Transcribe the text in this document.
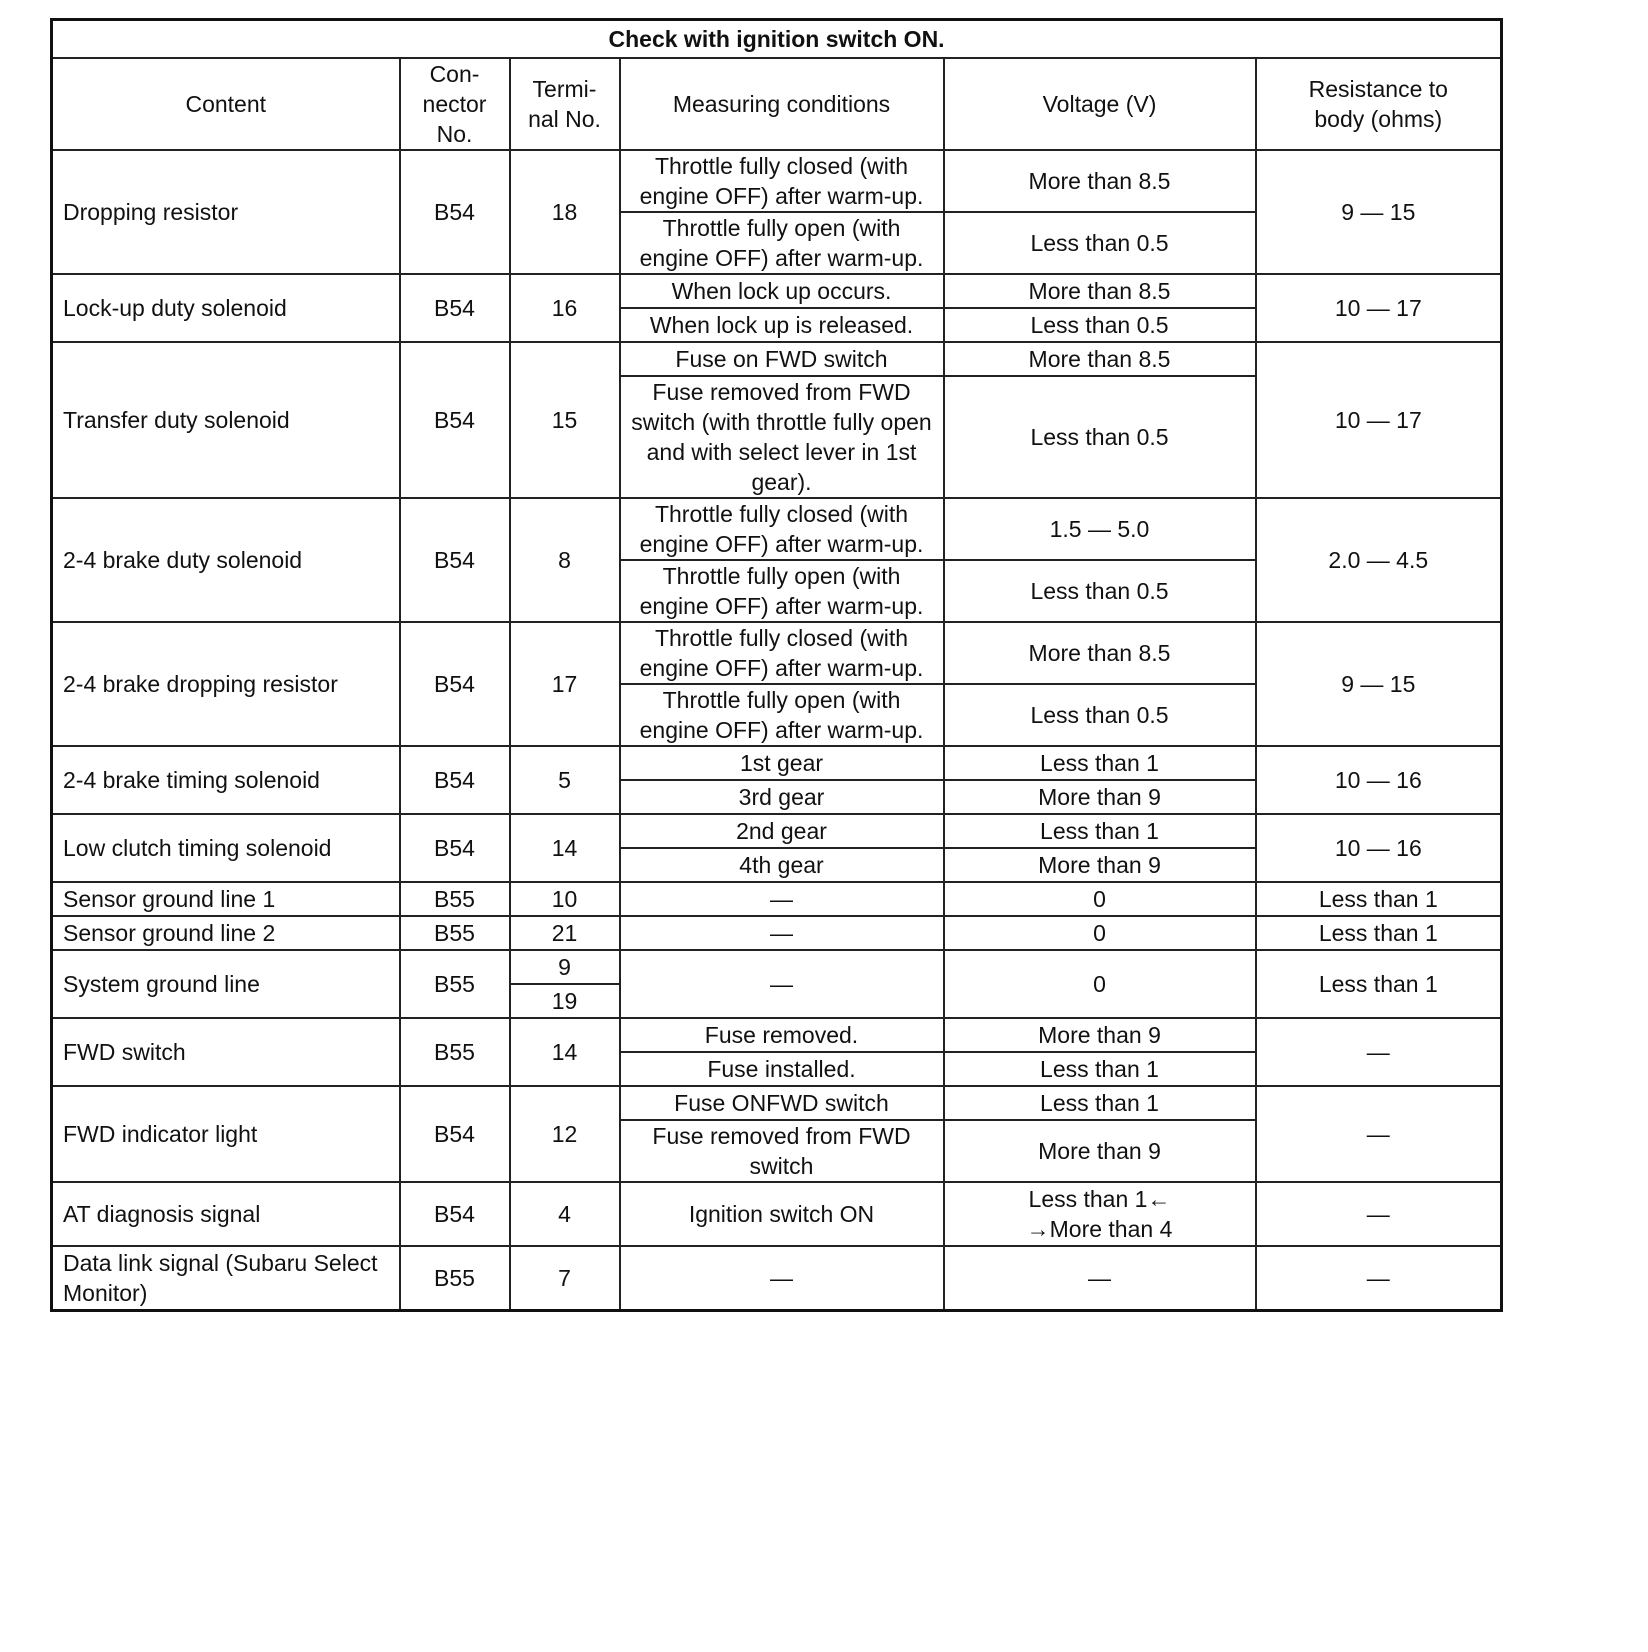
Check with ignition switch ON.					
Content	Con-
nector
No.	Termi-
nal No.	Measuring conditions	Voltage (V)	Resistance to
body (ohms)
Dropping resistor	B54	18	Throttle fully closed (with engine OFF) after warm-up.	More than 8.5	9 — 15
			Throttle fully open (with engine OFF) after warm-up.	Less than 0.5	
Lock-up duty solenoid	B54	16	When lock up occurs.	More than 8.5	10 — 17
			When lock up is released.	Less than 0.5	
Transfer duty solenoid	B54	15	Fuse on FWD switch	More than 8.5	10 — 17
			Fuse removed from FWD switch (with throttle fully open and with select lever in 1st gear).	Less than 0.5	
2-4 brake duty solenoid	B54	8	Throttle fully closed (with engine OFF) after warm-up.	1.5 — 5.0	2.0 — 4.5
			Throttle fully open (with engine OFF) after warm-up.	Less than 0.5	
2-4 brake dropping resistor	B54	17	Throttle fully closed (with engine OFF) after warm-up.	More than 8.5	9 — 15
			Throttle fully open (with engine OFF) after warm-up.	Less than 0.5	
2-4 brake timing solenoid	B54	5	1st gear	Less than 1	10 — 16
			3rd gear	More than 9	
Low clutch timing solenoid	B54	14	2nd gear	Less than 1	10 — 16
			4th gear	More than 9	
Sensor ground line 1	B55	10	—	0	Less than 1
Sensor ground line 2	B55	21	—	0	Less than 1
System ground line	B55	9	—	0	Less than 1
		19			
FWD switch	B55	14	Fuse removed.	More than 9	—
			Fuse installed.	Less than 1	
FWD indicator light	B54	12	Fuse ONFWD switch	Less than 1	—
			Fuse removed from FWD switch	More than 9	
AT diagnosis signal	B54	4	Ignition switch ON	Less than 1←
→More than 4	—
Data link signal (Subaru Select Monitor)	B55	7	—	—	—
